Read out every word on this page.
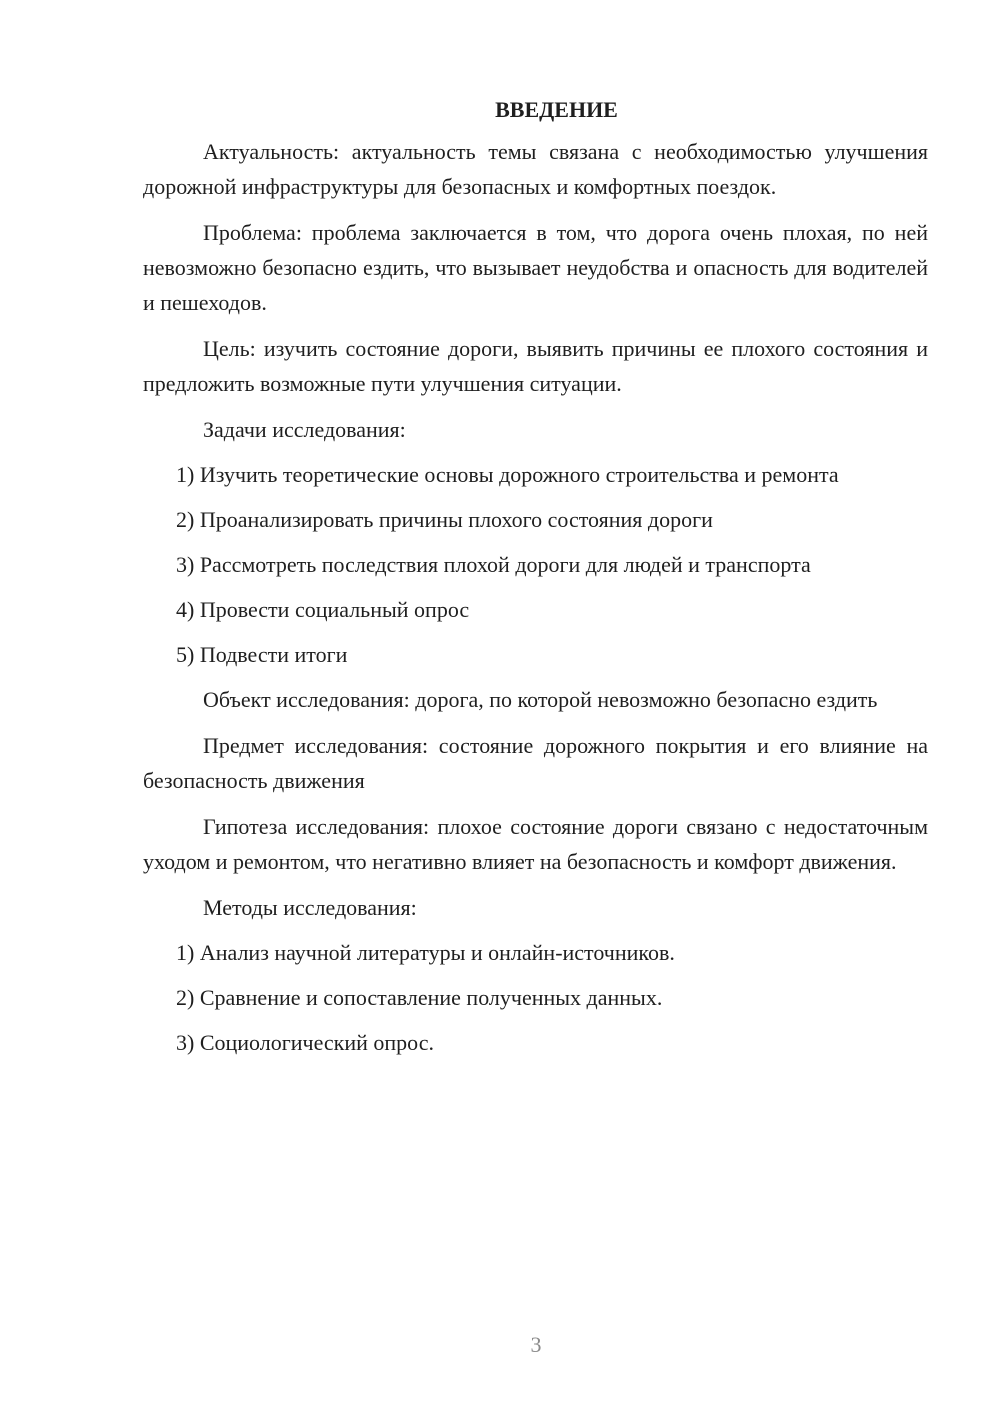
ВВЕДЕНИЕ

Актуальность: актуальность темы связана с необходимостью улучшения дорожной инфраструктуры для безопасных и комфортных поездок.

Проблема: проблема заключается в том, что дорога очень плохая, по ней невозможно безопасно ездить, что вызывает неудобства и опасность для водителей и пешеходов.

Цель: изучить состояние дороги, выявить причины ее плохого состояния и предложить возможные пути улучшения ситуации.

Задачи исследования:

1) Изучить теоретические основы дорожного строительства и ремонта
2) Проанализировать причины плохого состояния дороги
3) Рассмотреть последствия плохой дороги для людей и транспорта
4) Провести социальный опрос
5) Подвести итоги

Объект исследования: дорога, по которой невозможно безопасно ездить

Предмет исследования: состояние дорожного покрытия и его влияние на безопасность движения

Гипотеза исследования: плохое состояние дороги связано с недостаточным уходом и ремонтом, что негативно влияет на безопасность и комфорт движения.

Методы исследования:

1) Анализ научной литературы и онлайн-источников.
2) Сравнение и сопоставление полученных данных.
3) Социологический опрос.
3
